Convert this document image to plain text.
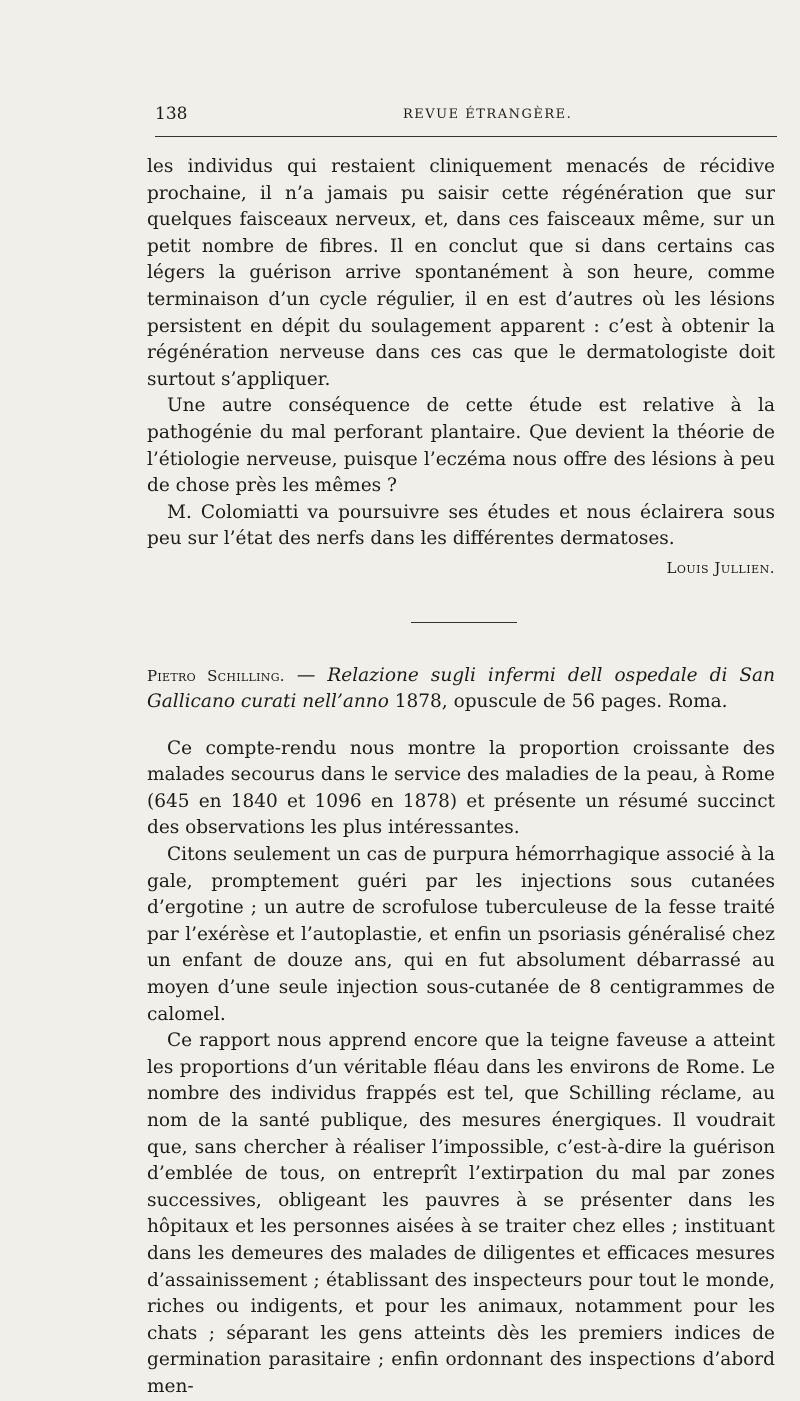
138	REVUE ÉTRANGÈRE.

les individus qui restaient cliniquement menacés de récidive prochaine, il n’a jamais pu saisir cette régénération que sur quelques faisceaux nerveux, et, dans ces faisceaux même, sur un petit nombre de fibres. Il en conclut que si dans certains cas légers la guérison arrive spontanément à son heure, comme terminaison d’un cycle régulier, il en est d’autres où les lésions persistent en dépit du soulagement apparent : c’est à obtenir la régénération nerveuse dans ces cas que le dermatologiste doit surtout s’appliquer.

Une autre conséquence de cette étude est relative à la pathogénie du mal perforant plantaire. Que devient la théorie de l’étiologie nerveuse, puisque l’eczéma nous offre des lésions à peu de chose près les mêmes ?

M. Colomiatti va poursuivre ses études et nous éclairera sous peu sur l’état des nerfs dans les différentes dermatoses.
Louis Jullien.

Pietro Schilling. — Relazione sugli infermi dell ospedale di San Gallicano curati nell’anno 1878, opuscule de 56 pages. Roma.

Ce compte-rendu nous montre la proportion croissante des malades secourus dans le service des maladies de la peau, à Rome (645 en 1840 et 1096 en 1878) et présente un résumé succinct des observations les plus intéressantes.

Citons seulement un cas de purpura hémorrhagique associé à la gale, promptement guéri par les injections sous cutanées d’ergotine ; un autre de scrofulose tuberculeuse de la fesse traité par l’exérèse et l’autoplastie, et enfin un psoriasis généralisé chez un enfant de douze ans, qui en fut absolument débarrassé au moyen d’une seule injection sous-cutanée de 8 centigrammes de calomel.

Ce rapport nous apprend encore que la teigne faveuse a atteint les proportions d’un véritable fléau dans les environs de Rome. Le nombre des individus frappés est tel, que Schilling réclame, au nom de la santé publique, des mesures énergiques. Il voudrait que, sans chercher à réaliser l’impossible, c’est-à-dire la guérison d’emblée de tous, on entreprît l’extirpation du mal par zones successives, obligeant les pauvres à se présenter dans les hôpitaux et les personnes aisées à se traiter chez elles ; instituant dans les demeures des malades de diligentes et efficaces mesures d’assainissement ; établissant des inspecteurs pour tout le monde, riches ou indigents, et pour les animaux, notamment pour les chats ; séparant les gens atteints dès les premiers indices de germination parasitaire ; enfin ordonnant des inspections d’abord men-
